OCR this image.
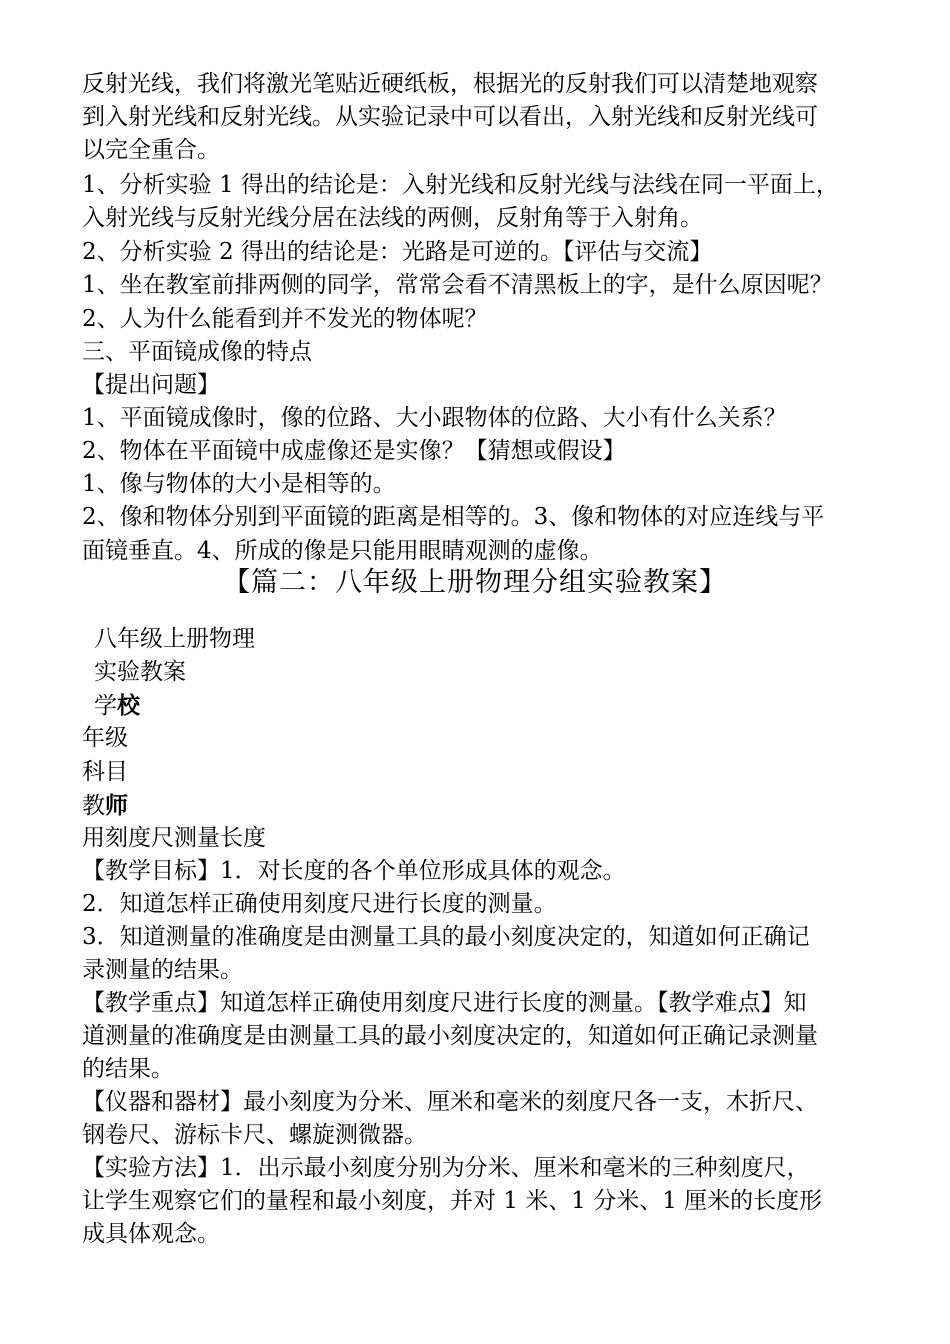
反射光线，我们将激光笔贴近硬纸板，根据光的反射我们可以清楚地观察

到入射光线和反射光线。从实验记录中可以看出，入射光线和反射光线可

以完全重合。

1、分析实验 1 得出的结论是：入射光线和反射光线与法线在同一平面上，

入射光线与反射光线分居在法线的两侧，反射角等于入射角。

2、分析实验 2 得出的结论是：光路是可逆的。【评估与交流】

1、坐在教室前排两侧的同学，常常会看不清黑板上的字，是什么原因呢？

2、人为什么能看到并不发光的物体呢？

三、平面镜成像的特点

【提出问题】

1、平面镜成像时，像的位路、大小跟物体的位路、大小有什么关系？

2、物体在平面镜中成虚像还是实像？【猜想或假设】

1、像与物体的大小是相等的。

2、像和物体分别到平面镜的距离是相等的。3、像和物体的对应连线与平

面镜垂直。4、所成的像是只能用眼睛观测的虚像。

【篇二：八年级上册物理分组实验教案】

八年级上册物理

实验教案

学校

年级

科目

教师

用刻度尺测量长度

【教学目标】1．对长度的各个单位形成具体的观念。

2．知道怎样正确使用刻度尺进行长度的测量。

3．知道测量的准确度是由测量工具的最小刻度决定的，知道如何正确记

录测量的结果。

【教学重点】知道怎样正确使用刻度尺进行长度的测量。【教学难点】知

道测量的准确度是由测量工具的最小刻度决定的，知道如何正确记录测量

的结果。

【仪器和器材】最小刻度为分米、厘米和毫米的刻度尺各一支，木折尺、

钢卷尺、游标卡尺、螺旋测微器。

【实验方法】1．出示最小刻度分别为分米、厘米和毫米的三种刻度尺，

让学生观察它们的量程和最小刻度，并对 1 米、1 分米、1 厘米的长度形

成具体观念。
